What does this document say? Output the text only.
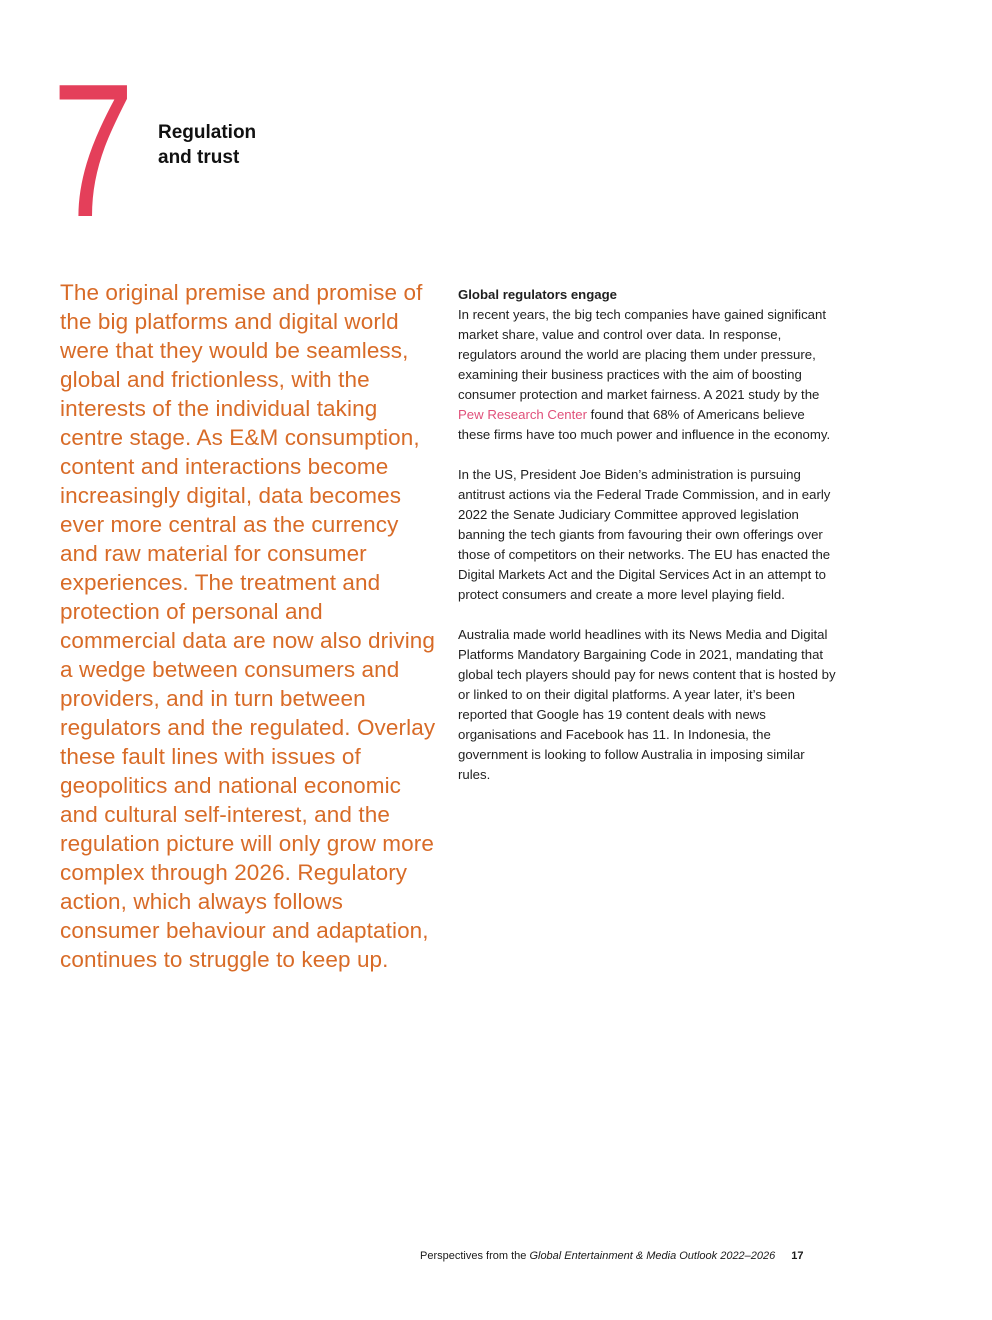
7 Regulation
and trust

The original premise and promise of the big platforms and digital world were that they would be seamless, global and frictionless, with the interests of the individual taking centre stage. As E&M consumption, content and interactions become increasingly digital, data becomes ever more central as the currency and raw material for consumer experiences. The treatment and protection of personal and commercial data are now also driving a wedge between consumers and providers, and in turn between regulators and the regulated. Overlay these fault lines with issues of geopolitics and national economic and cultural self-interest, and the regulation picture will only grow more complex through 2026. Regulatory action, which always follows consumer behaviour and adaptation, continues to struggle to keep up.

Global regulators engage

In recent years, the big tech companies have gained significant market share, value and control over data. In response, regulators around the world are placing them under pressure, examining their business practices with the aim of boosting consumer protection and market fairness. A 2021 study by the Pew Research Center found that 68% of Americans believe these firms have too much power and influence in the economy.

In the US, President Joe Biden’s administration is pursuing antitrust actions via the Federal Trade Commission, and in early 2022 the Senate Judiciary Committee approved legislation banning the tech giants from favouring their own offerings over those of competitors on their networks. The EU has enacted the Digital Markets Act and the Digital Services Act in an attempt to protect consumers and create a more level playing field.

Australia made world headlines with its News Media and Digital Platforms Mandatory Bargaining Code in 2021, mandating that global tech players should pay for news content that is hosted by or linked to on their digital platforms. A year later, it’s been reported that Google has 19 content deals with news organisations and Facebook has 11. In Indonesia, the government is looking to follow Australia in imposing similar rules.

Perspectives from the Global Entertainment & Media Outlook 2022–2026 17
